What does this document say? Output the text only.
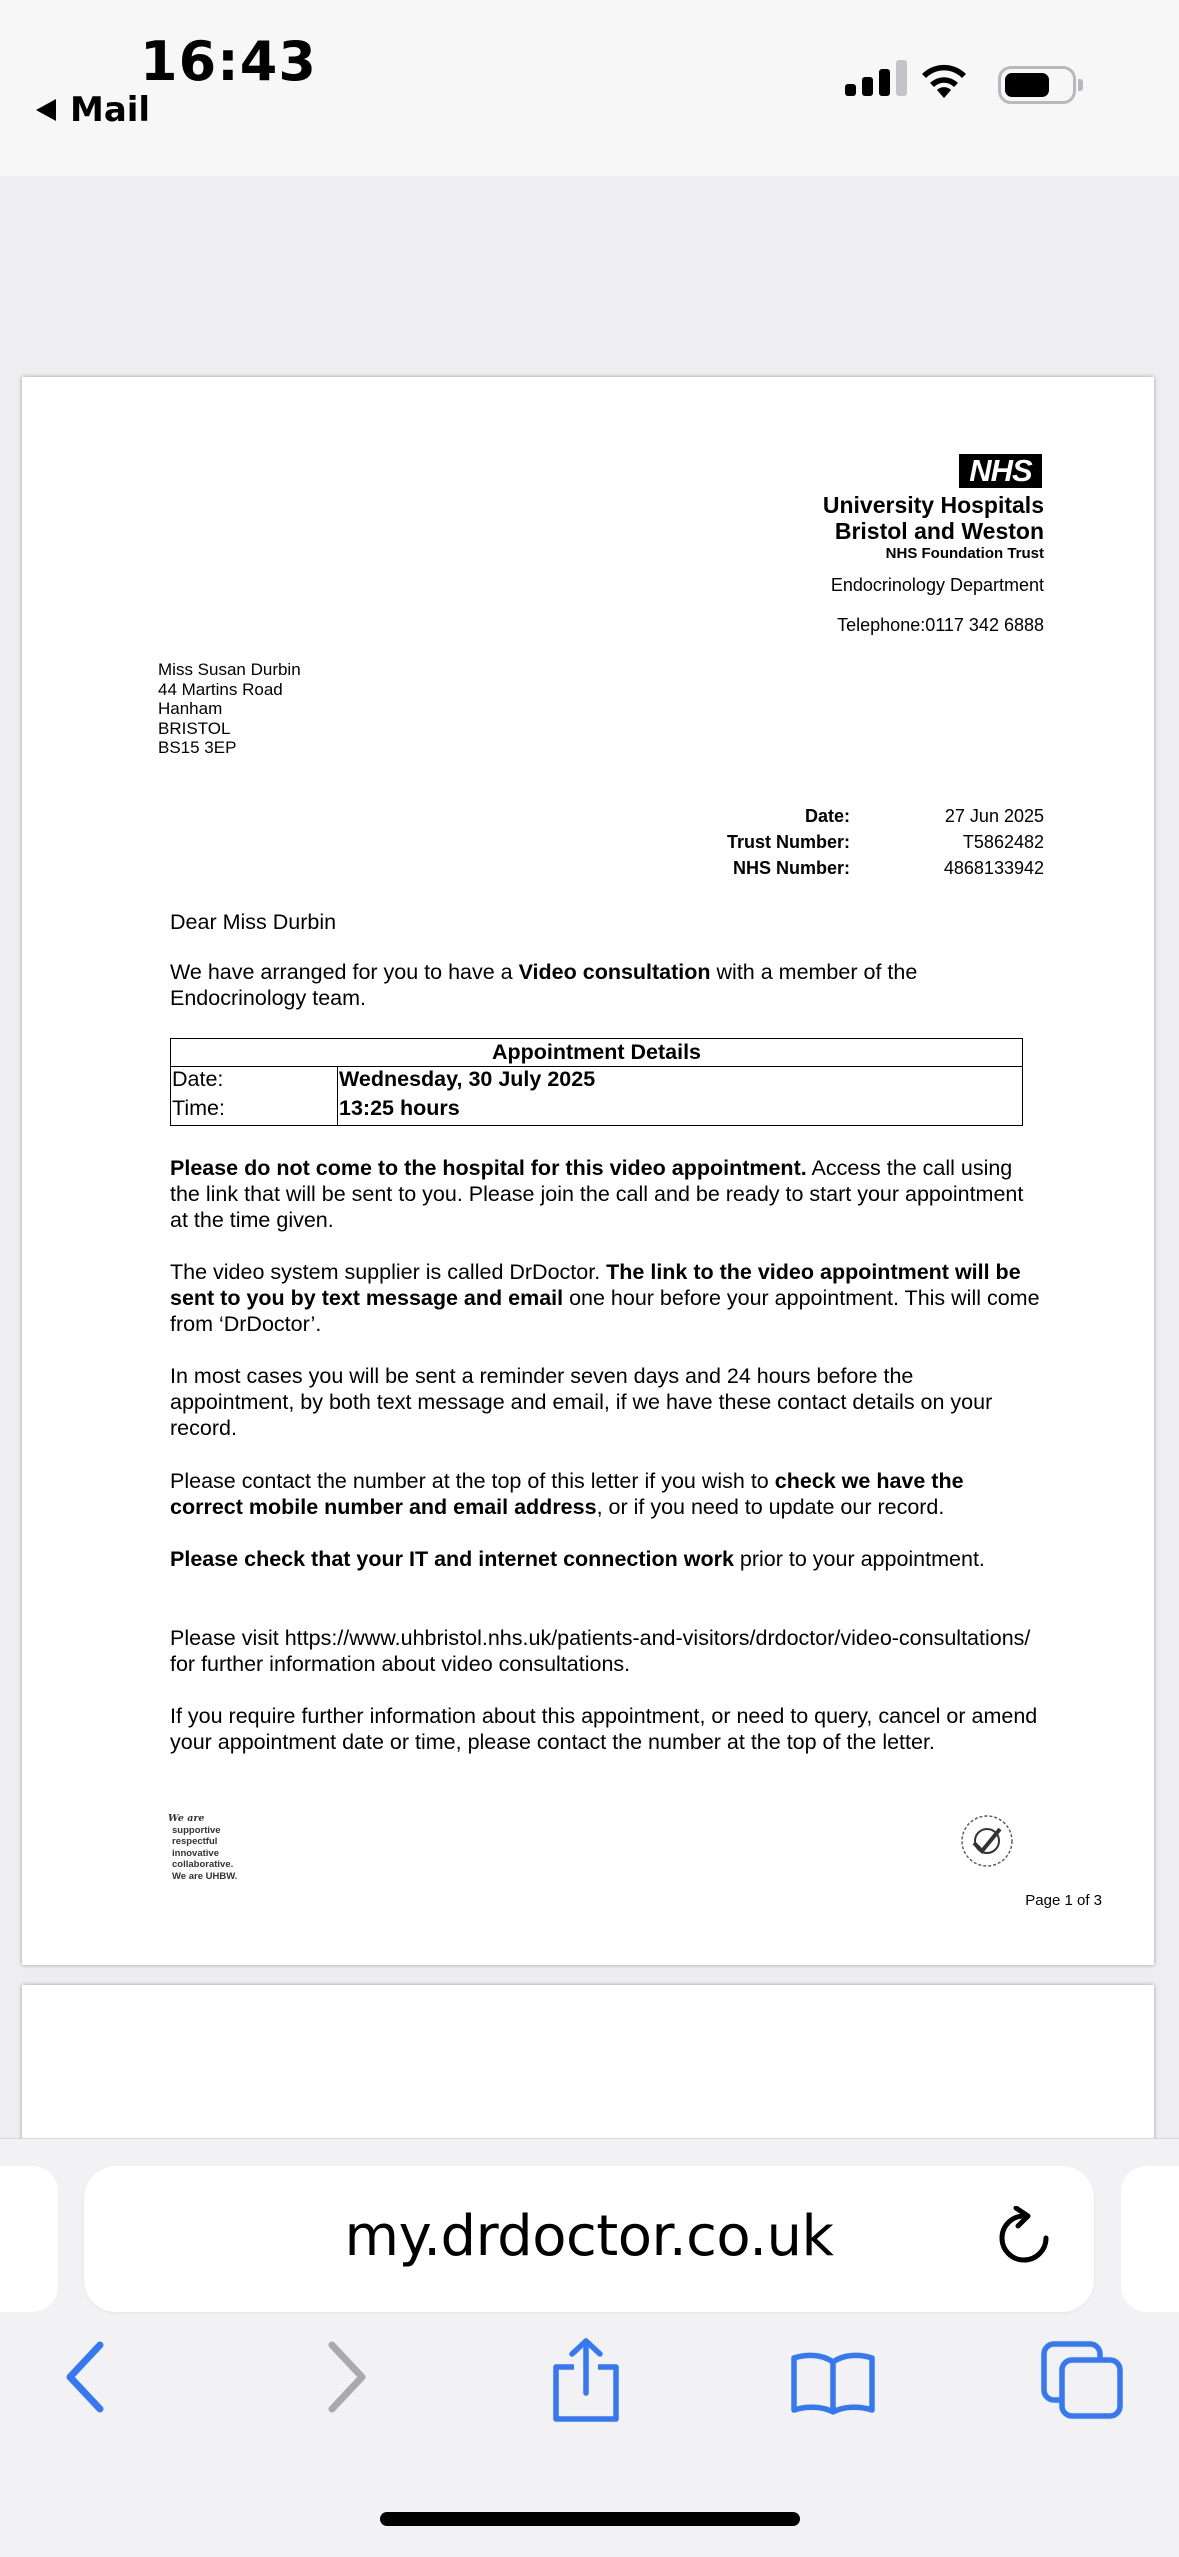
16:43
Mail
NHS
University Hospitals
Bristol and Weston
NHS Foundation Trust
Endocrinology Department
Telephone:0117 342 6888
Miss Susan Durbin
44 Martins Road
Hanham
BRISTOL
BS15 3EP
Date:	27 Jun 2025
Trust Number:	T5862482
NHS Number:	4868133942
Dear Miss Durbin
We have arranged for you to have a Video consultation with a member of the Endocrinology team.
Appointment Details
Date:	Wednesday, 30 July 2025
Time:	13:25 hours
Please do not come to the hospital for this video appointment. Access the call using the link that will be sent to you. Please join the call and be ready to start your appointment at the time given.
The video system supplier is called DrDoctor. The link to the video appointment will be sent to you by text message and email one hour before your appointment. This will come from ‘DrDoctor’.
In most cases you will be sent a reminder seven days and 24 hours before the appointment, by both text message and email, if we have these contact details on your record.
Please contact the number at the top of this letter if you wish to check we have the correct mobile number and email address, or if you need to update our record.
Please check that your IT and internet connection work prior to your appointment.
Please visit https://www.uhbristol.nhs.uk/patients-and-visitors/drdoctor/video-consultations/ for further information about video consultations.
If you require further information about this appointment, or need to query, cancel or amend your appointment date or time, please contact the number at the top of the letter.
We are
supportive
respectful
innovative
collaborative.
We are UHBW.
Page 1 of 3
my.drdoctor.co.uk
